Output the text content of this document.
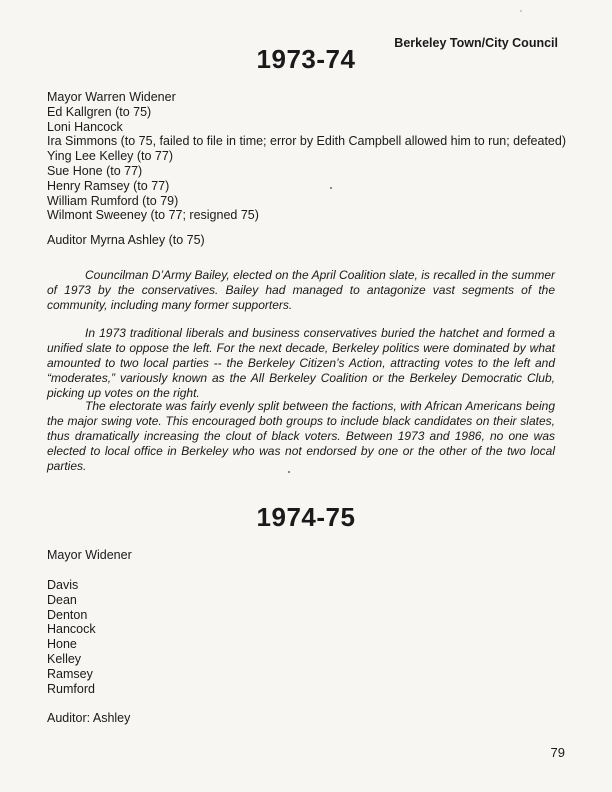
Berkeley Town/City Council
1973-74
Mayor Warren Widener
Ed Kallgren (to 75)
Loni Hancock
Ira Simmons (to 75, failed to file in time; error by Edith Campbell allowed him to run; defeated)
Ying Lee Kelley (to 77)
Sue Hone (to 77)
Henry Ramsey (to 77)
William Rumford (to 79)
Wilmont Sweeney (to 77; resigned 75)
Auditor Myrna Ashley (to 75)

Councilman D’Army Bailey, elected on the April Coalition slate, is recalled in the summer of 1973 by the conservatives. Bailey had managed to antagonize vast segments of the community, including many former supporters.

In 1973 traditional liberals and business conservatives buried the hatchet and formed a unified slate to oppose the left. For the next decade, Berkeley politics were dominated by what amounted to two local parties -- the Berkeley Citizen’s Action, attracting votes to the left and “moderates,” variously known as the All Berkeley Coalition or the Berkeley Democratic Club, picking up votes on the right.

The electorate was fairly evenly split between the factions, with African Americans being the major swing vote. This encouraged both groups to include black candidates on their slates, thus dramatically increasing the clout of black voters. Between 1973 and 1986, no one was elected to local office in Berkeley who was not endorsed by one or the other of the two local parties.

1974-75
Mayor Widener
Davis
Dean
Denton
Hancock
Hone
Kelley
Ramsey
Rumford
Auditor: Ashley
79
